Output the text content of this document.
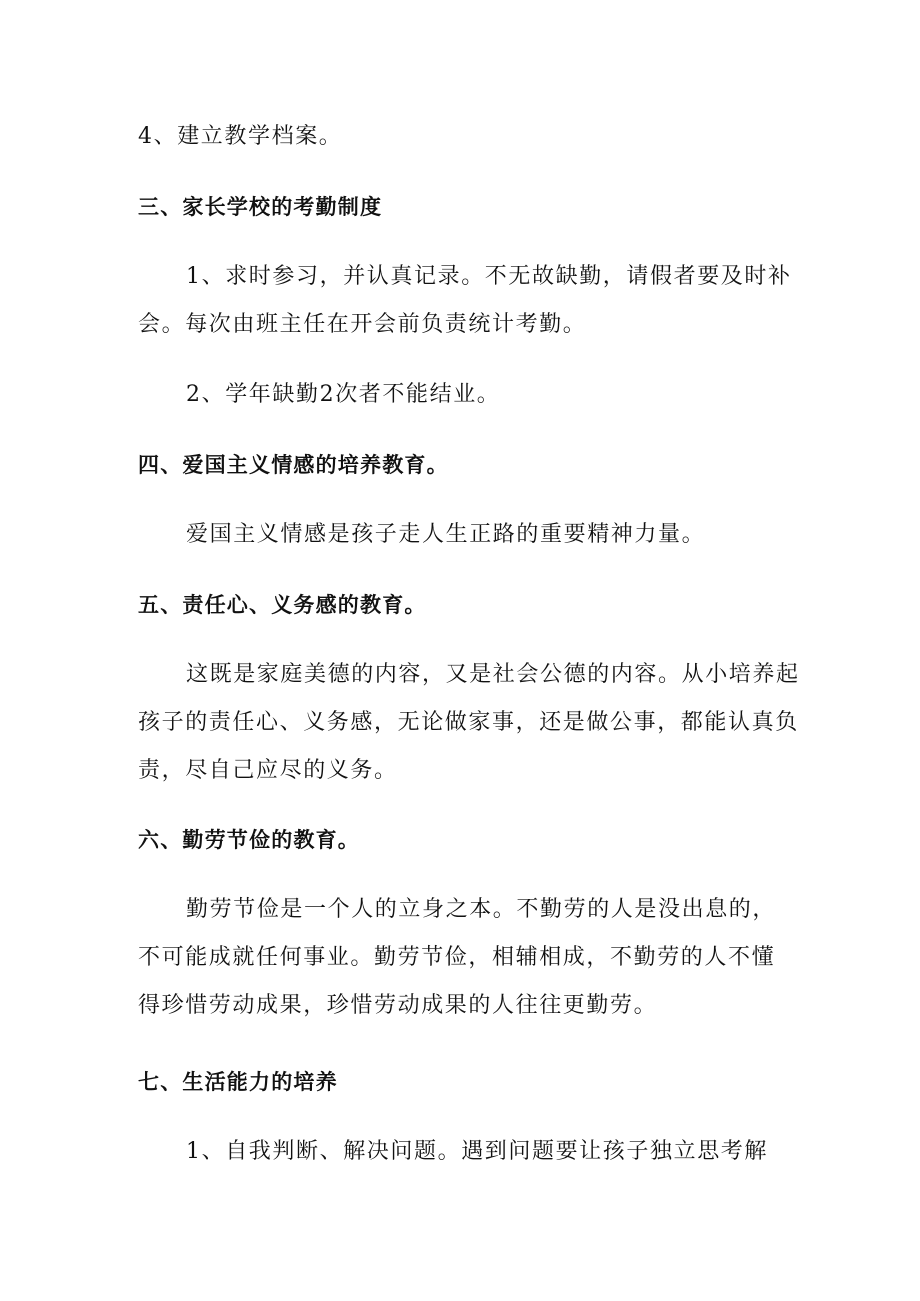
4、建立教学档案。
三、家长学校的考勤制度
1、求时参习，并认真记录。不无故缺勤，请假者要及时补
会。每次由班主任在开会前负责统计考勤。
2、学年缺勤2次者不能结业。
四、爱国主义情感的培养教育。
爱国主义情感是孩子走人生正路的重要精神力量。
五、责任心、义务感的教育。
这既是家庭美德的内容，又是社会公德的内容。从小培养起
孩子的责任心、义务感，无论做家事，还是做公事，都能认真负
责，尽自己应尽的义务。
六、勤劳节俭的教育。
勤劳节俭是一个人的立身之本。不勤劳的人是没出息的，
不可能成就任何事业。勤劳节俭，相辅相成，不勤劳的人不懂
得珍惜劳动成果，珍惜劳动成果的人往往更勤劳。
七、生活能力的培养
1、自我判断、解决问题。遇到问题要让孩子独立思考解
